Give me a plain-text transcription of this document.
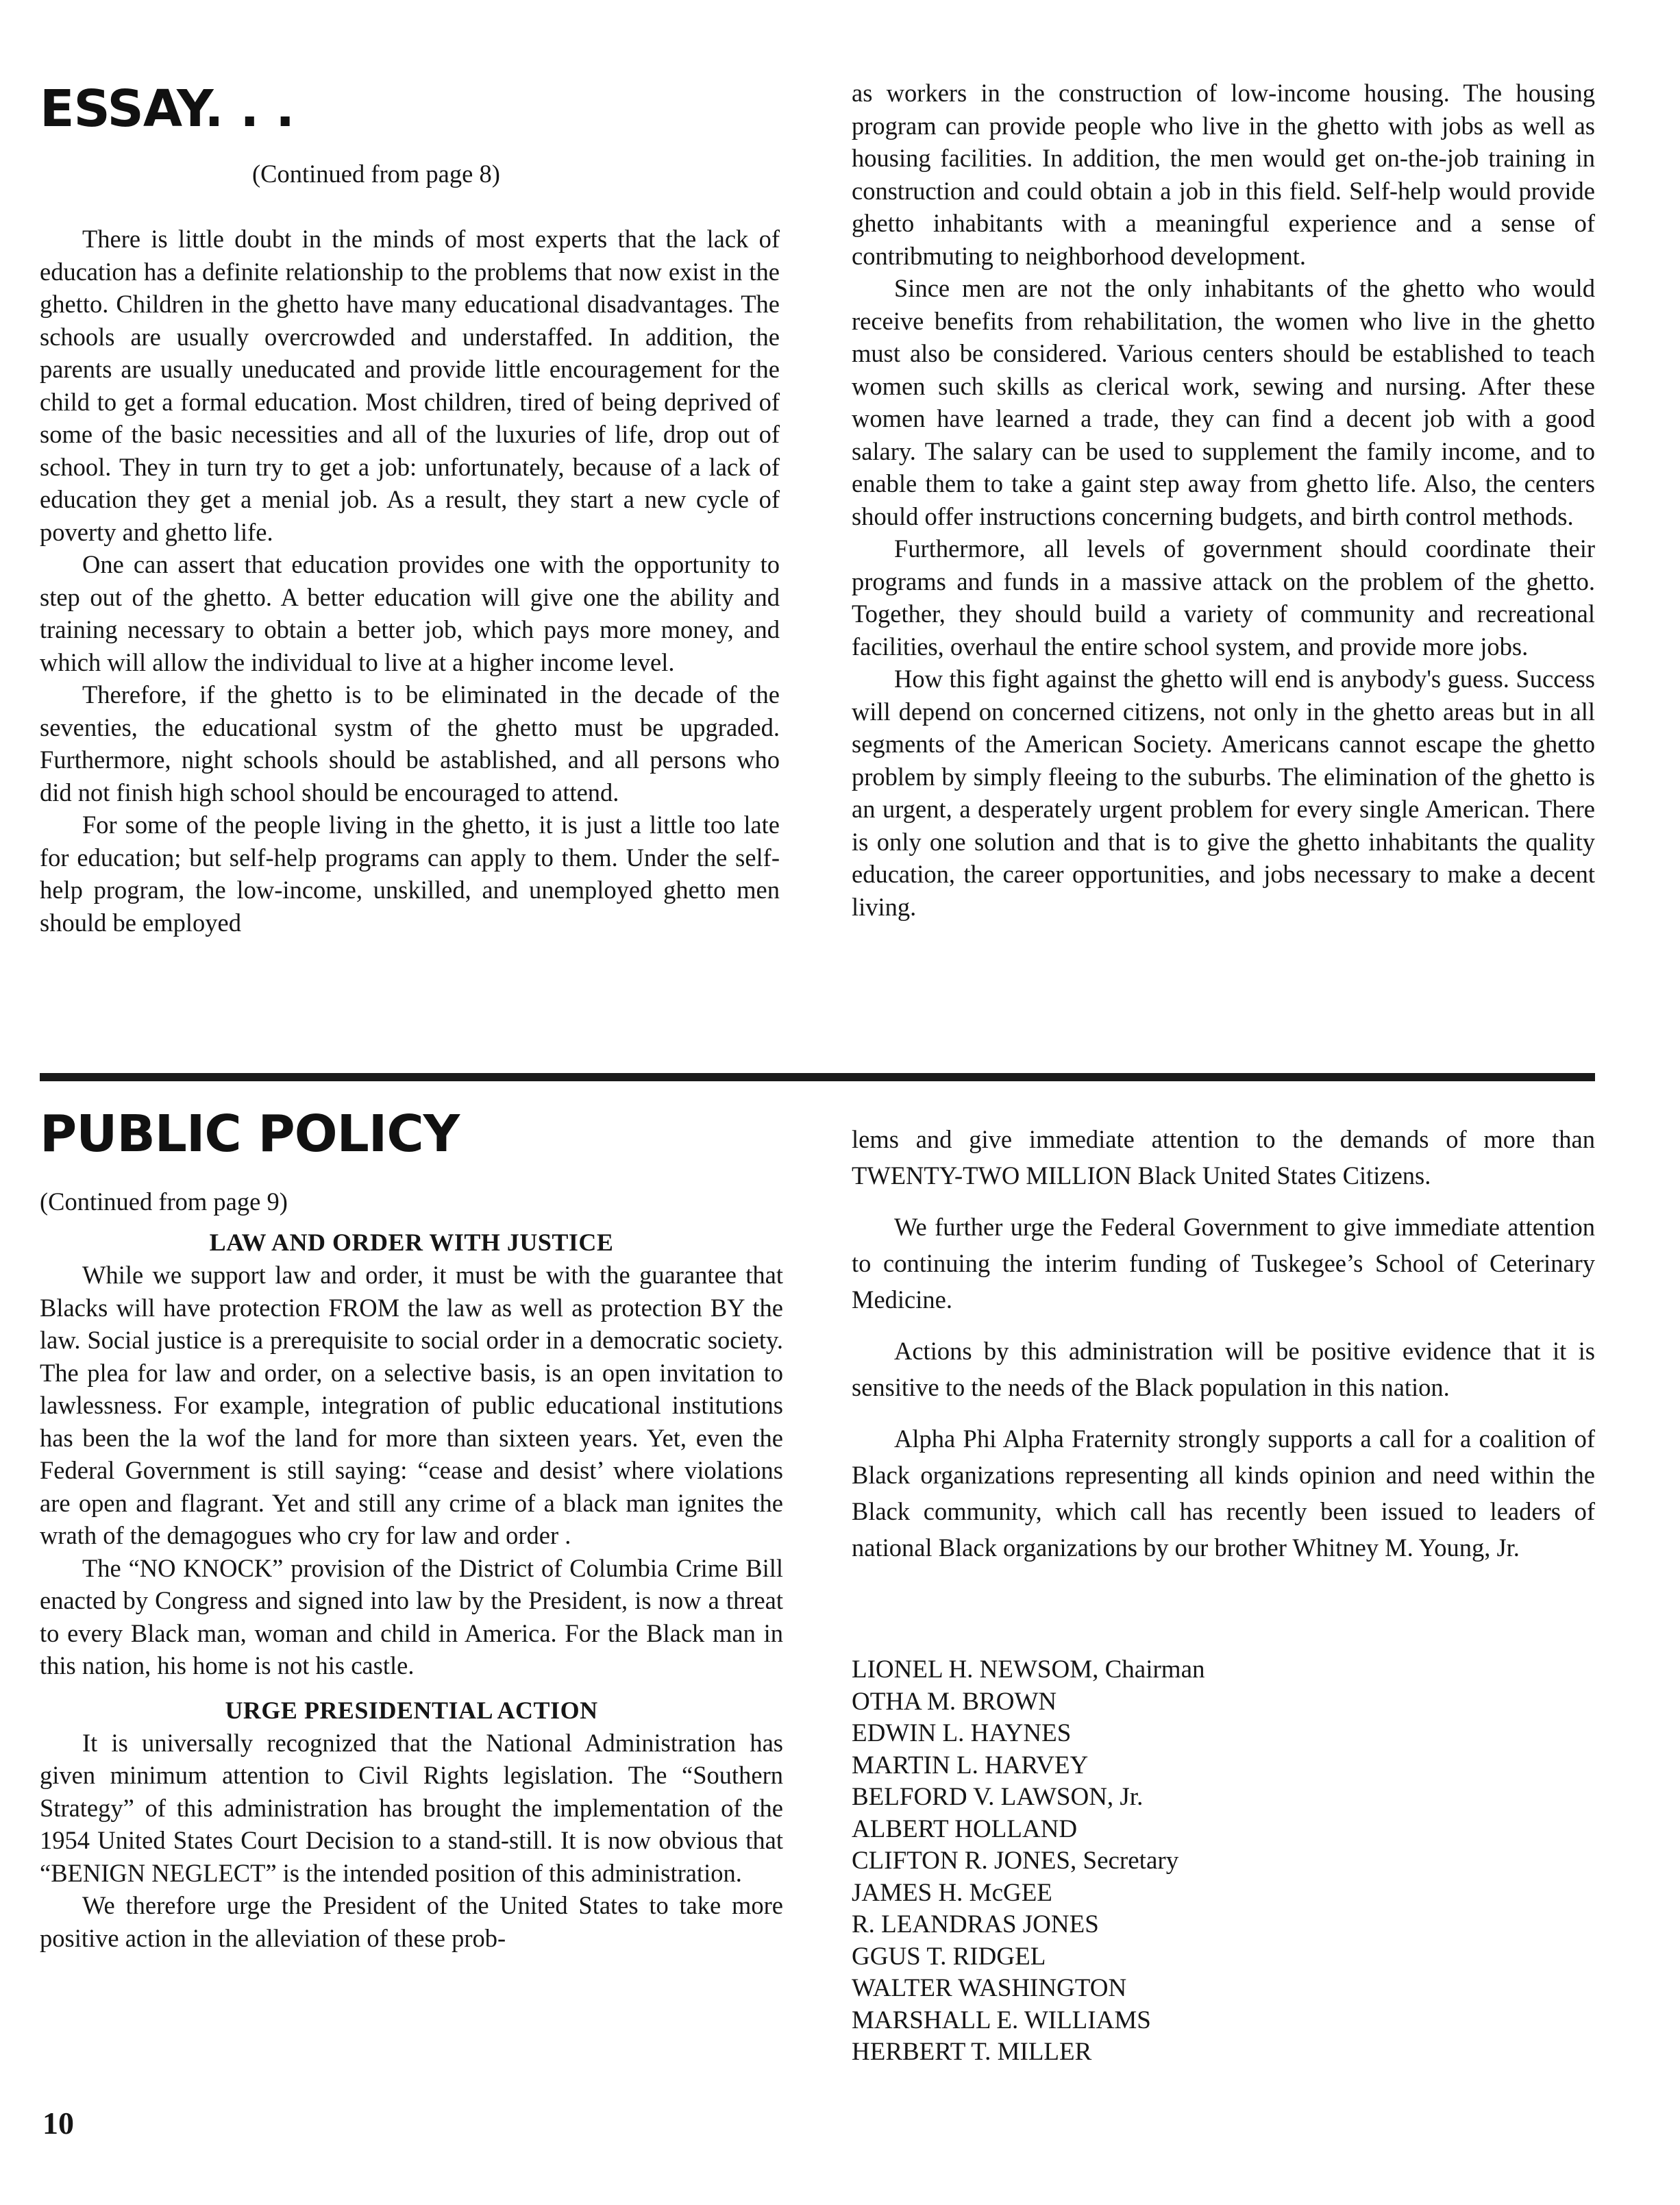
ESSAY. . .
(Continued from page 8)

There is little doubt in the minds of most experts that the lack of education has a definite relationship to the problems that now exist in the ghetto. Children in the ghetto have many educational disadvantages. The schools are usually overcrowded and understaffed. In addition, the parents are usually uneducated and provide little encouragement for the child to get a formal education. Most children, tired of being deprived of some of the basic necessities and all of the luxuries of life, drop out of school. They in turn try to get a job: unfortunately, because of a lack of education they get a menial job. As a result, they start a new cycle of poverty and ghetto life.

One can assert that education provides one with the opportunity to step out of the ghetto. A better education will give one the ability and training necessary to obtain a better job, which pays more money, and which will allow the individual to live at a higher income level.

Therefore, if the ghetto is to be eliminated in the decade of the seventies, the educational systm of the ghetto must be upgraded. Furthermore, night schools should be astablished, and all persons who did not finish high school should be encouraged to attend.

For some of the people living in the ghetto, it is just a little too late for education; but self-help programs can apply to them. Under the self-help program, the low-income, unskilled, and unemployed ghetto men should be employed

as workers in the construction of low-income housing. The housing program can provide people who live in the ghetto with jobs as well as housing facilities. In addition, the men would get on-the-job training in construction and could obtain a job in this field. Self-help would provide ghetto inhabitants with a meaningful experience and a sense of contribmuting to neighborhood development.

Since men are not the only inhabitants of the ghetto who would receive benefits from rehabilitation, the women who live in the ghetto must also be considered. Various centers should be established to teach women such skills as clerical work, sewing and nursing. After these women have learned a trade, they can find a decent job with a good salary. The salary can be used to supplement the family income, and to enable them to take a gaint step away from ghetto life. Also, the centers should offer instructions concerning budgets, and birth control methods.

Furthermore, all levels of government should coordinate their programs and funds in a massive attack on the problem of the ghetto. Together, they should build a variety of community and recreational facilities, overhaul the entire school system, and provide more jobs.

How this fight against the ghetto will end is anybody's guess. Success will depend on concerned citizens, not only in the ghetto areas but in all segments of the American Society. Americans cannot escape the ghetto problem by simply fleeing to the suburbs. The elimination of the ghetto is an urgent, a desperately urgent problem for every single American. There is only one solution and that is to give the ghetto inhabitants the quality education, the career opportunities, and jobs necessary to make a decent living.

PUBLIC POLICY
(Continued from page 9)
LAW AND ORDER WITH JUSTICE

While we support law and order, it must be with the guarantee that Blacks will have protection FROM the law as well as protection BY the law. Social justice is a prerequisite to social order in a democratic society. The plea for law and order, on a selective basis, is an open invitation to lawlessness. For example, integration of public educational institutions has been the la wof the land for more than sixteen years. Yet, even the Federal Government is still saying: “cease and desist’ where violations are open and flagrant. Yet and still any crime of a black man ignites the wrath of the demagogues who cry for law and order .

The “NO KNOCK” provision of the District of Columbia Crime Bill enacted by Congress and signed into law by the President, is now a threat to every Black man, woman and child in America. For the Black man in this nation, his home is not his castle.

URGE PRESIDENTIAL ACTION

It is universally recognized that the National Administration has given minimum attention to Civil Rights legislation. The “Southern Strategy” of this administration has brought the implementation of the 1954 United States Court Decision to a stand-still. It is now obvious that “BENIGN NEGLECT” is the intended position of this administration.

We therefore urge the President of the United States to take more positive action in the alleviation of these prob-

lems and give immediate attention to the demands of more than TWENTY-TWO MILLION Black United States Citizens.

We further urge the Federal Government to give immediate attention to continuing the interim funding of Tuskegee’s School of Ceterinary Medicine.

Actions by this administration will be positive evidence that it is sensitive to the needs of the Black population in this nation.

Alpha Phi Alpha Fraternity strongly supports a call for a coalition of Black organizations representing all kinds opinion and need within the Black community, which call has recently been issued to leaders of national Black organizations by our brother Whitney M. Young, Jr.

LIONEL H. NEWSOM, Chairman
OTHA M. BROWN
EDWIN L. HAYNES
MARTIN L. HARVEY
BELFORD V. LAWSON, Jr.
ALBERT HOLLAND
CLIFTON R. JONES, Secretary
JAMES H. McGEE
R. LEANDRAS JONES
GGUS T. RIDGEL
WALTER WASHINGTON
MARSHALL E. WILLIAMS
HERBERT T. MILLER
10
